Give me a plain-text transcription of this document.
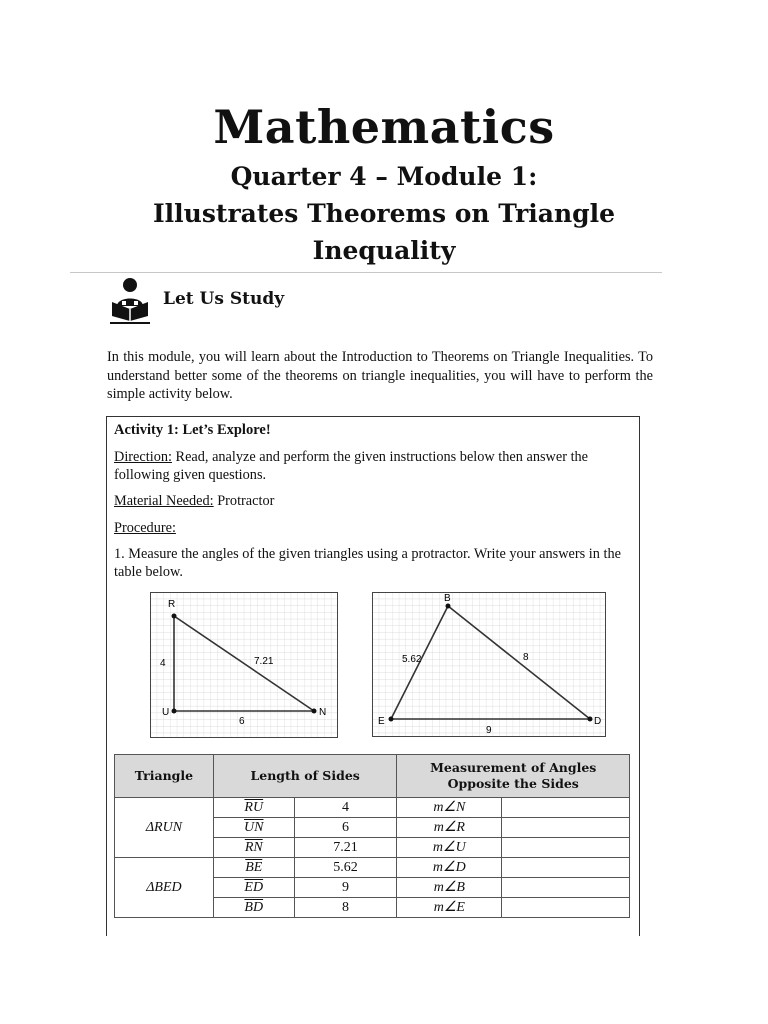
Mathematics
Quarter 4 – Module 1:
Illustrates Theorems on Triangle
Inequality
Let Us Study
In this module, you will learn about the Introduction to Theorems on Triangle Inequalities. To understand better some of the theorems on triangle inequalities, you will have to perform the simple activity below.
Activity 1: Let’s Explore!
Direction: Read, analyze and perform the given instructions below then answer the following given questions.
Material Needed: Protractor
Procedure:
1. Measure the angles of the given triangles using a protractor. Write your answers in the table below.
R
U	N
4	7.21
6
B
E	D
5.62	8
9
Triangle	Length of Sides		Measurement of Angles
Opposite the Sides	

ΔRUN	$\overline{RU}$	4	m∠N	
	$\overline{UN}$	6	m∠R	
	$\overline{RN}$	7.21	m∠U	
ΔBED	$\overline{BE}$	5.62	m∠D	
	$\overline{ED}$	9	m∠B	
	$\overline{BD}$	8	m∠E	
